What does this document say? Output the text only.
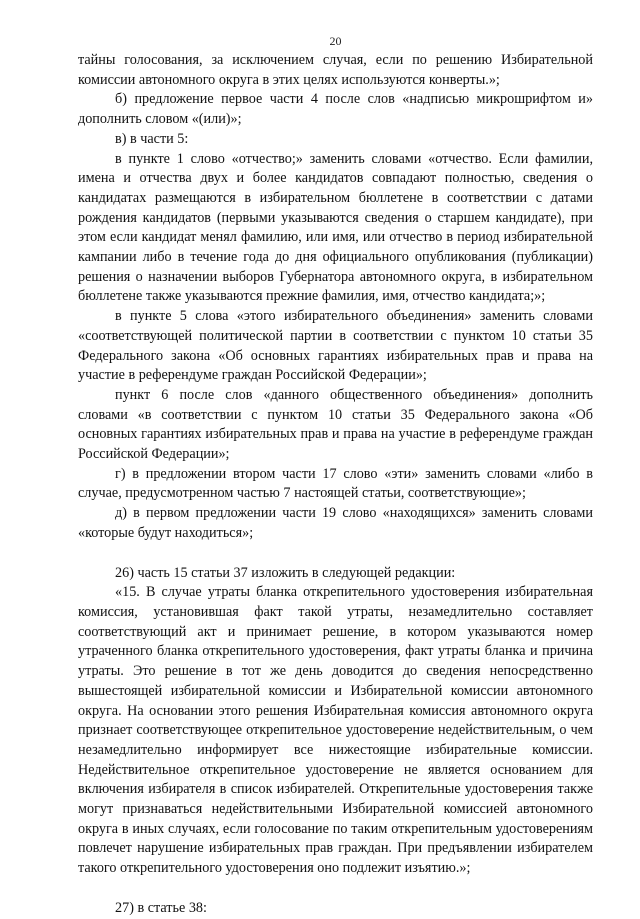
20

тайны голосования, за исключением случая, если по решению Избирательной комиссии автономного округа в этих целях используются конверты.»;

б) предложение первое части 4 после слов «надписью микрошрифтом и» дополнить словом «(или)»;

в) в части 5:

в пункте 1 слово «отчество;» заменить словами «отчество. Если фамилии, имена и отчества двух и более кандидатов совпадают полностью, сведения о кандидатах размещаются в избирательном бюллетене в соответствии с датами рождения кандидатов (первыми указываются сведения о старшем кандидате), при этом если кандидат менял фамилию, или имя, или отчество в период избирательной кампании либо в течение года до дня официального опубликования (публикации) решения о назначении выборов Губернатора автономного округа, в избирательном бюллетене также указываются прежние фамилия, имя, отчество кандидата;»;

в пункте 5 слова «этого избирательного объединения» заменить словами «соответствующей политической партии в соответствии с пунктом 10 статьи 35 Федерального закона «Об основных гарантиях избирательных прав и права на участие в референдуме граждан Российской Федерации»;

пункт 6 после слов «данного общественного объединения» дополнить словами «в соответствии с пунктом 10 статьи 35 Федерального закона «Об основных гарантиях избирательных прав и права на участие в референдуме граждан Российской Федерации»;

г) в предложении втором части 17 слово «эти» заменить словами «либо в случае, предусмотренном частью 7 настоящей статьи, соответствующие»;

д) в первом предложении части 19 слово «находящихся» заменить словами «которые будут находиться»;

26) часть 15 статьи 37 изложить в следующей редакции:

«15. В случае утраты бланка открепительного удостоверения избирательная комиссия, установившая факт такой утраты, незамедлительно составляет соответствующий акт и принимает решение, в котором указываются номер утраченного бланка открепительного удостоверения, факт утраты бланка и причина утраты. Это решение в тот же день доводится до сведения непосредственно вышестоящей избирательной комиссии и Избирательной комиссии автономного округа. На основании этого решения Избирательная комиссия автономного округа признает соответствующее открепительное удостоверение недействительным, о чем незамедлительно информирует все нижестоящие избирательные комиссии. Недействительное открепительное удостоверение не является основанием для включения избирателя в список избирателей. Открепительные удостоверения также могут признаваться недействительными Избирательной комиссией автономного округа в иных случаях, если голосование по таким открепительным удостоверениям повлечет нарушение избирательных прав граждан. При предъявлении избирателем такого открепительного удостоверения оно подлежит изъятию.»;

27) в статье 38:
